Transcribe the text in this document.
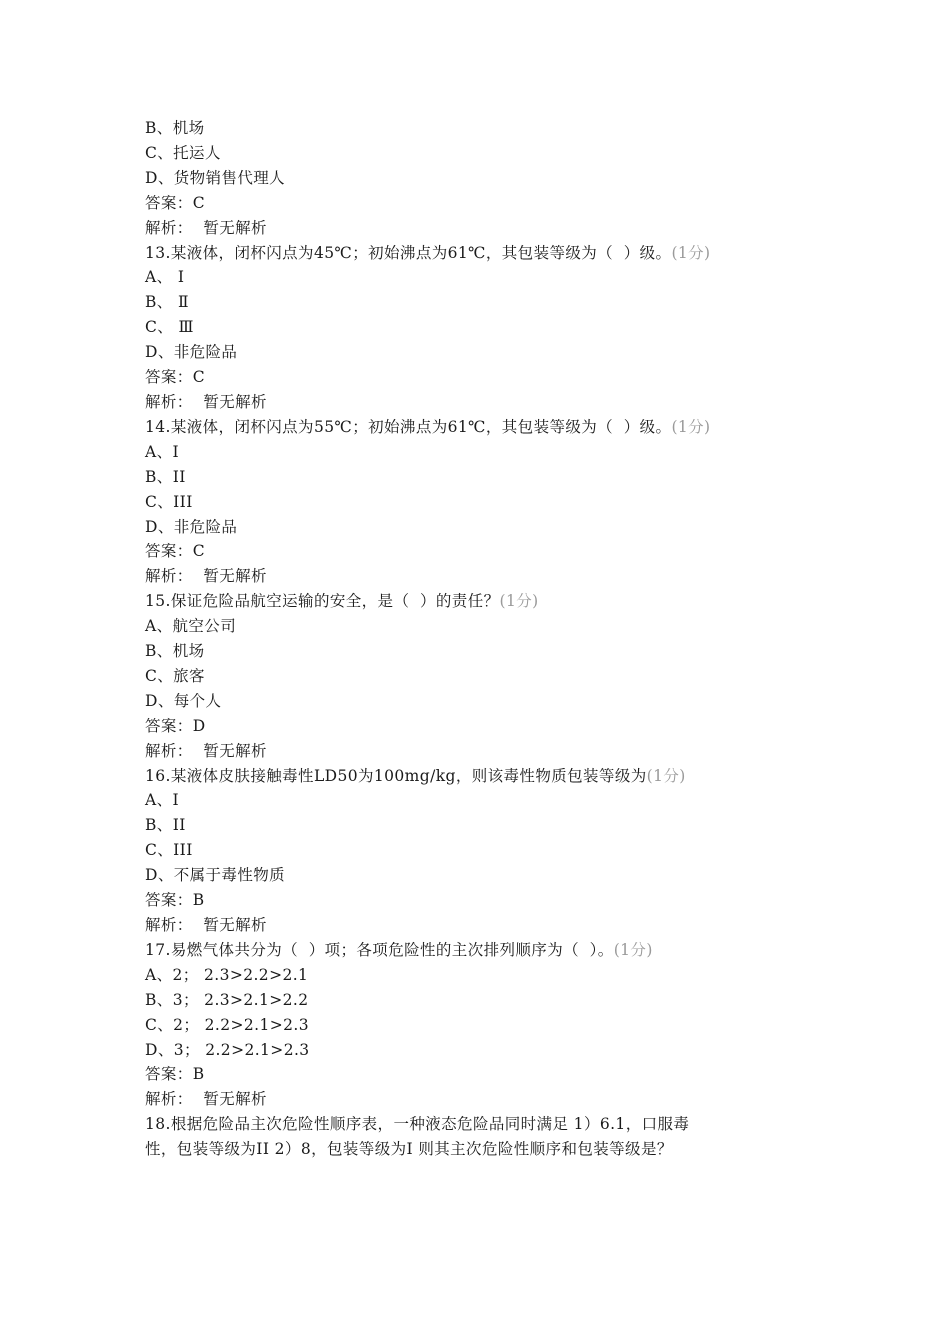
B、机场
C、托运人
D、货物销售代理人
答案：C
解析：  暂无解析
13.某液体，闭杯闪点为45℃；初始沸点为61℃，其包装等级为（  ）级。(1分)
A、 Ⅰ
B、 Ⅱ
C、 Ⅲ
D、非危险品
答案：C
解析：  暂无解析
14.某液体，闭杯闪点为55℃；初始沸点为61℃，其包装等级为（  ）级。(1分)
A、I
B、II
C、III
D、非危险品
答案：C
解析：  暂无解析
15.保证危险品航空运输的安全，是（  ）的责任？(1分)
A、航空公司
B、机场
C、旅客
D、每个人
答案：D
解析：  暂无解析
16.某液体皮肤接触毒性LD50为100mg/kg，则该毒性物质包装等级为(1分)
A、I
B、II
C、III
D、不属于毒性物质
答案：B
解析：  暂无解析
17.易燃气体共分为（  ）项；各项危险性的主次排列顺序为（  ）。(1分)
A、2； 2.3>2.2>2.1
B、3； 2.3>2.1>2.2
C、2； 2.2>2.1>2.3
D、3； 2.2>2.1>2.3
答案：B
解析：  暂无解析
18.根据危险品主次危险性顺序表，一种液态危险品同时满足 1）6.1，口服毒
性，包装等级为II 2）8，包装等级为I 则其主次危险性顺序和包装等级是？
